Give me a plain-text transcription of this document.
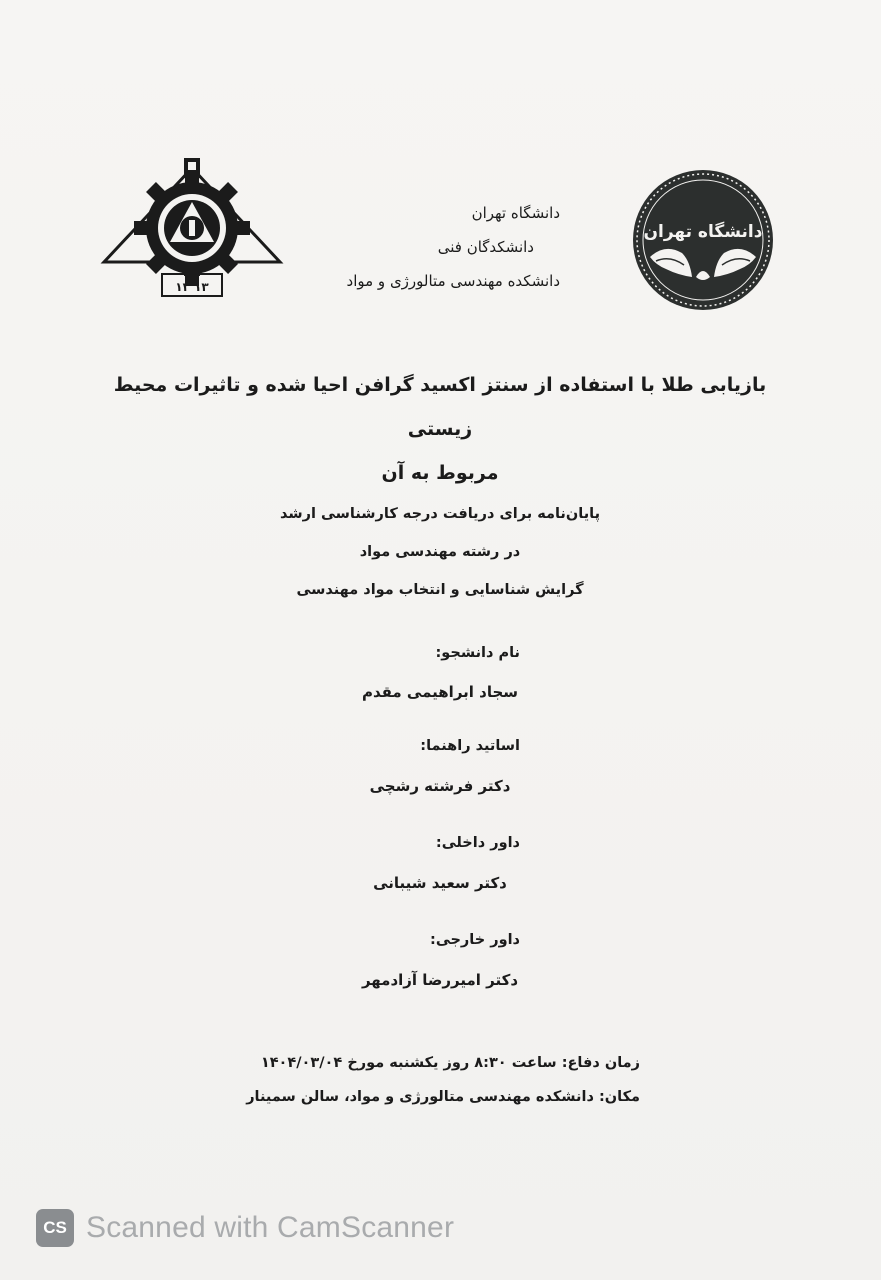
۱۳ ۱۳
دانشگاه تهران
دانشکدگان فنی
دانشکده مهندسی متالورژی و مواد
دانشگاه تهران
بازیابی طلا با استفاده از سنتز اکسید گرافن احیا شده و تاثیرات محیط زیستی
مربوط به آن
پایان‌نامه برای دریافت درجه کارشناسی ارشد
در رشته مهندسی مواد
گرایش شناسایی و انتخاب مواد مهندسی
نام دانشجو:
سجاد ابراهیمی مقدم
اساتید راهنما:
دکتر فرشته رشچی
داور داخلی:
دکتر سعید شیبانی
داور خارجی:
دکتر امیررضا آزادمهر
زمان دفاع: ساعت ۸:۳۰ روز یکشنبه مورخ ۱۴۰۴/۰۳/۰۴
مکان: دانشکده مهندسی متالورژی و مواد، سالن سمینار
CS Scanned with CamScanner
